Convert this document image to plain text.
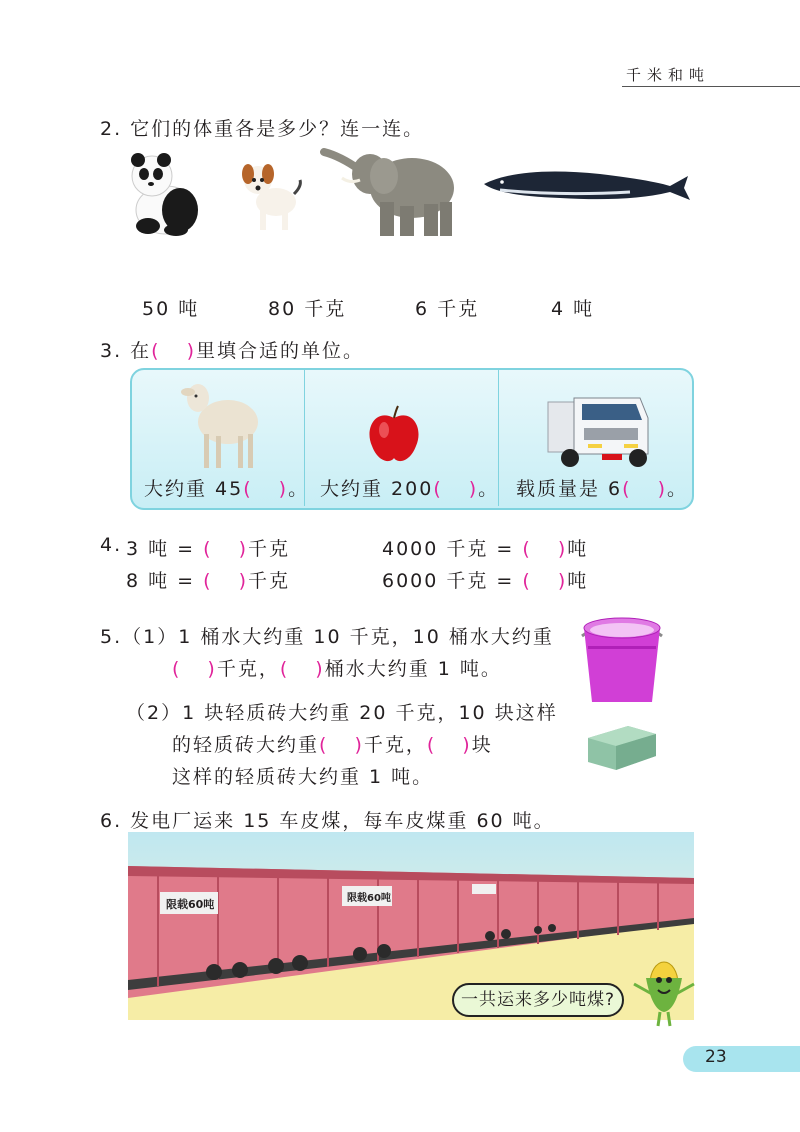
千米和吨
2. 它们的体重各是多少？连一连。
50 吨	80 千克	6 千克	4 吨
3. 在( )里填合适的单位。
大约重 45( )。 大约重 200( )。 载质量是 6( )。
4. 3 吨 = ( )千克	4000 千克 = ( )吨
8 吨 = ( )千克	6000 千克 = ( )吨
5.（1）1 桶水大约重 10 千克，10 桶水大约重
( )千克，( )桶水大约重 1 吨。
（2）1 块轻质砖大约重 20 千克，10 块这样
的轻质砖大约重( )千克，( )块
这样的轻质砖大约重 1 吨。
6. 发电厂运来 15 车皮煤，每车皮煤重 60 吨。
限载60吨	限载60吨
一共运来多少吨煤?
23
